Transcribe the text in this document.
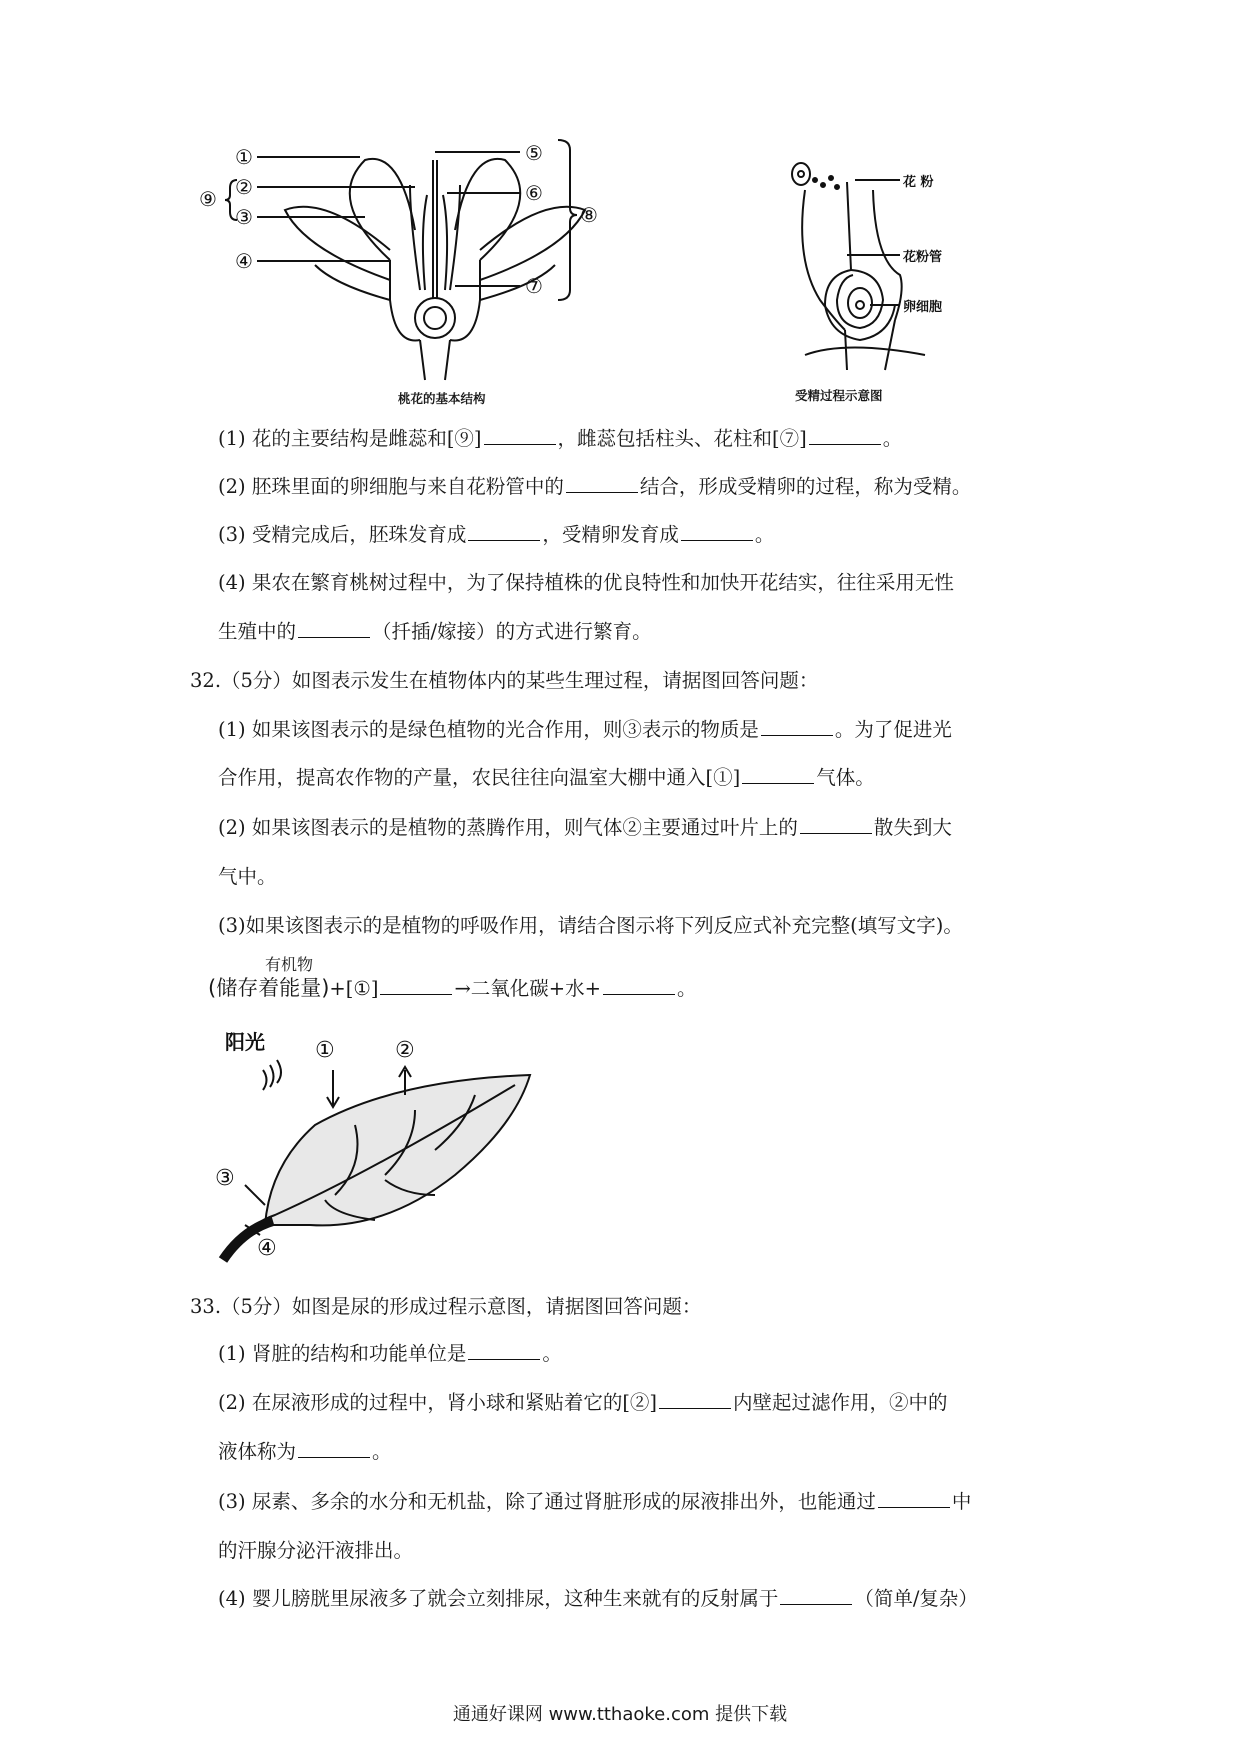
①
②
③
④
⑤
⑥
⑦
⑧
⑨
桃花的基本结构
花 粉
花粉管
卵细胞
受精过程示意图
(1) 花的主要结构是雌蕊和[⑨]	，雌蕊包括柱头、花柱和[⑦]	。
(2) 胚珠里面的卵细胞与来自花粉管中的	结合，形成受精卵的过程，称为受精。
(3) 受精完成后，胚珠发育成	，受精卵发育成	。
(4) 果农在繁育桃树过程中，为了保持植株的优良特性和加快开花结实，往往采用无性
生殖中的	（扦插/嫁接）的方式进行繁育。
32.（5分）如图表示发生在植物体内的某些生理过程，请据图回答问题：
(1) 如果该图表示的是绿色植物的光合作用，则③表示的物质是	。为了促进光
合作用，提高农作物的产量，农民往往向温室大棚中通入[①]	气体。
(2) 如果该图表示的是植物的蒸腾作用，则气体②主要通过叶片上的	散失到大
气中。
(3)如果该图表示的是植物的呼吸作用，请结合图示将下列反应式补充完整(填写文字)。
有机物
(储存着能量)+[①]	→二氧化碳+水+	。
阳光 ①	②
③
④
33.（5分）如图是尿的形成过程示意图，请据图回答问题：
(1) 肾脏的结构和功能单位是	。
(2) 在尿液形成的过程中，肾小球和紧贴着它的[②]	内壁起过滤作用，②中的
液体称为	。
(3) 尿素、多余的水分和无机盐，除了通过肾脏形成的尿液排出外，也能通过	中
的汗腺分泌汗液排出。
(4) 婴儿膀胱里尿液多了就会立刻排尿，这种生来就有的反射属于	（简单/复杂）
通通好课网 www.tthaoke.com 提供下载
